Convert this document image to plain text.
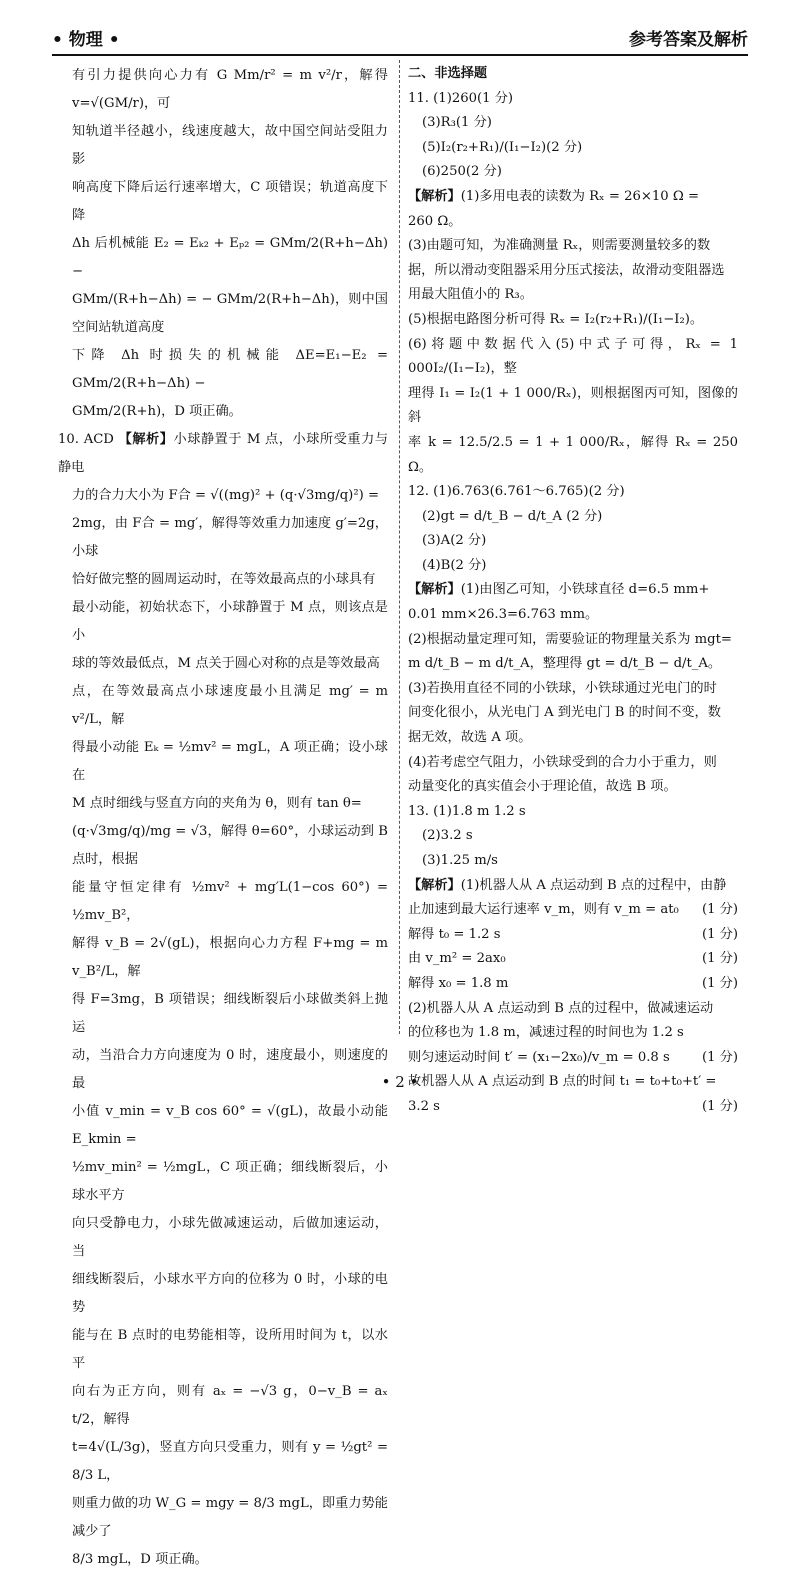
• 物理 •	参考答案及解析

有引力提供向心力有 G Mm/r² = m v²/r，解得 v=√(GM/r)，可

知轨道半径越小，线速度越大，故中国空间站受阻力影

响高度下降后运行速率增大，C 项错误；轨道高度下降

Δh 后机械能 E₂ = Eₖ₂ + Eₚ₂ = GMm/2(R+h−Δh) −

GMm/(R+h−Δh) = − GMm/2(R+h−Δh)，则中国空间站轨道高度

下降 Δh 时损失的机械能 ΔE=E₁−E₂ = GMm/2(R+h−Δh) −

GMm/2(R+h)，D 项正确。

10. ACD 【解析】小球静置于 M 点，小球所受重力与静电

力的合力大小为 F合 = √((mg)² + (q·√3mg/q)²) =

2mg，由 F合 = mg′，解得等效重力加速度 g′=2g，小球

恰好做完整的圆周运动时，在等效最高点的小球具有

最小动能，初始状态下，小球静置于 M 点，则该点是小

球的等效最低点，M 点关于圆心对称的点是等效最高

点，在等效最高点小球速度最小且满足 mg′ = m v²/L，解

得最小动能 Eₖ = ½mv² = mgL，A 项正确；设小球在

M 点时细线与竖直方向的夹角为 θ，则有 tan θ=

(q·√3mg/q)/mg = √3，解得 θ=60°，小球运动到 B 点时，根据

能量守恒定律有 ½mv² + mg′L(1−cos 60°) = ½mv_B²，

解得 v_B = 2√(gL)，根据向心力方程 F+mg = m v_B²/L，解

得 F=3mg，B 项错误；细线断裂后小球做类斜上抛运

动，当沿合力方向速度为 0 时，速度最小，则速度的最

小值 v_min = v_B cos 60° = √(gL)，故最小动能 E_kmin =

½mv_min² = ½mgL，C 项正确；细线断裂后，小球水平方

向只受静电力，小球先做减速运动，后做加速运动，当

细线断裂后，小球水平方向的位移为 0 时，小球的电势

能与在 B 点时的电势能相等，设所用时间为 t，以水平

向右为正方向，则有 aₓ = −√3 g，0−v_B = aₓ t/2，解得

t=4√(L/3g)，竖直方向只受重力，则有 y = ½gt² = 8/3 L，

则重力做的功 W_G = mgy = 8/3 mgL，即重力势能减少了

8/3 mgL，D 项正确。

二、非选择题

11. (1)260(1 分)

(3)R₃(1 分)

(5)I₂(r₂+R₁)/(I₁−I₂)(2 分)

(6)250(2 分)

【解析】(1)多用电表的读数为 Rₓ = 26×10 Ω =

260 Ω。

(3)由题可知，为准确测量 Rₓ，则需要测量较多的数

据，所以滑动变阻器采用分压式接法，故滑动变阻器选

用最大阻值小的 R₃。

(5)根据电路图分析可得 Rₓ = I₂(r₂+R₁)/(I₁−I₂)。

(6)将题中数据代入(5)中式子可得，Rₓ = 1 000I₂/(I₁−I₂)，整

理得 I₁ = I₂(1 + 1 000/Rₓ)，则根据图丙可知，图像的斜

率 k = 12.5/2.5 = 1 + 1 000/Rₓ，解得 Rₓ = 250 Ω。

12. (1)6.763(6.761～6.765)(2 分)

(2)gt = d/t_B − d/t_A (2 分)

(3)A(2 分)

(4)B(2 分)

【解析】(1)由图乙可知，小铁球直径 d=6.5 mm+

0.01 mm×26.3=6.763 mm。

(2)根据动量定理可知，需要验证的物理量关系为 mgt=

m d/t_B − m d/t_A，整理得 gt = d/t_B − d/t_A。

(3)若换用直径不同的小铁球，小铁球通过光电门的时

间变化很小，从光电门 A 到光电门 B 的时间不变，数

据无效，故选 A 项。

(4)若考虑空气阻力，小铁球受到的合力小于重力，则

动量变化的真实值会小于理论值，故选 B 项。

13. (1)1.8 m 1.2 s

(2)3.2 s

(3)1.25 m/s

【解析】(1)机器人从 A 点运动到 B 点的过程中，由静

止加速到最大运行速率 v_m，则有 v_m = at₀ (1 分)
解得 t₀ = 1.2 s	(1 分)
由 v_m² = 2ax₀	(1 分)
解得 x₀ = 1.8 m	(1 分)

(2)机器人从 A 点运动到 B 点的过程中，做减速运动

的位移也为 1.8 m，减速过程的时间也为 1.2 s

则匀速运动时间 t′ = (x₁−2x₀)/v_m = 0.8 s (1 分)

故机器人从 A 点运动到 B 点的时间 t₁ = t₀+t₀+t′ =

3.2 s	(1 分)
• 2 •
